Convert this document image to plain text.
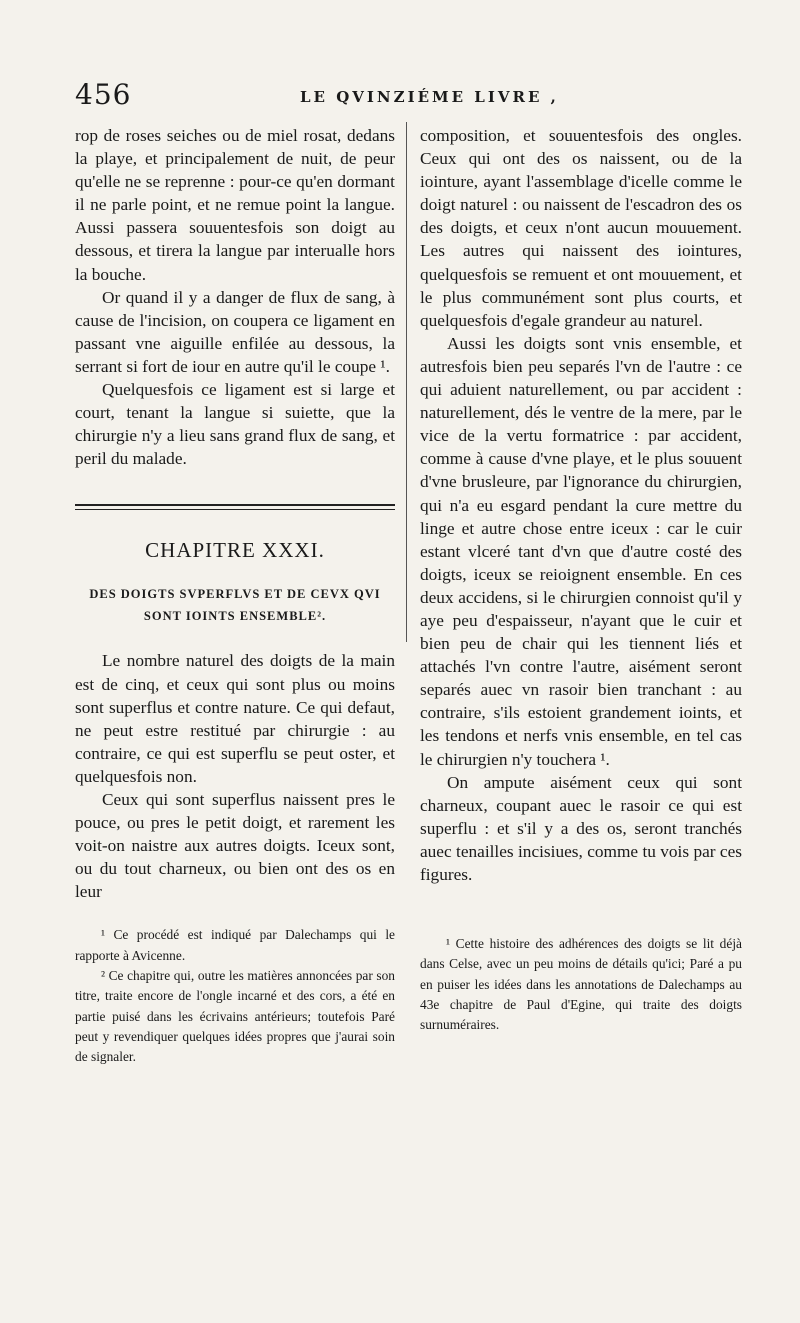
456	LE QVINZIÉME LIVRE ,

rop de roses seiches ou de miel rosat, dedans la playe, et principalement de nuit, de peur qu'elle ne se reprenne : pour-ce qu'en dormant il ne parle point, et ne remue point la langue. Aussi passera souuentesfois son doigt au dessous, et tirera la langue par interualle hors la bouche.

Or quand il y a danger de flux de sang, à cause de l'incision, on coupera ce ligament en passant vne aiguille enfilée au dessous, la serrant si fort de iour en autre qu'il le coupe ¹.

Quelquesfois ce ligament est si large et court, tenant la langue si suiette, que la chirurgie n'y a lieu sans grand flux de sang, et peril du malade.

CHAPITRE XXXI.
DES DOIGTS SVPERFLVS ET DE CEVX QVI
SONT IOINTS ENSEMBLE².

Le nombre naturel des doigts de la main est de cinq, et ceux qui sont plus ou moins sont superflus et contre nature. Ce qui defaut, ne peut estre restitué par chirurgie : au contraire, ce qui est superflu se peut oster, et quelquesfois non.

Ceux qui sont superflus naissent pres le pouce, ou pres le petit doigt, et rarement les voit-on naistre aux autres doigts. Iceux sont, ou du tout charneux, ou bien ont des os en leur

¹ Ce procédé est indiqué par Dalechamps qui le rapporte à Avicenne.

² Ce chapitre qui, outre les matières annoncées par son titre, traite encore de l'ongle incarné et des cors, a été en partie puisé dans les écrivains antérieurs; toutefois Paré peut y revendiquer quelques idées propres que j'aurai soin de signaler.

composition, et souuentesfois des ongles. Ceux qui ont des os naissent, ou de la iointure, ayant l'assemblage d'icelle comme le doigt naturel : ou naissent de l'escadron des os des doigts, et ceux n'ont aucun mouuement. Les autres qui naissent des iointures, quelquesfois se remuent et ont mouuement, et le plus communément sont plus courts, et quelquesfois d'egale grandeur au naturel.

Aussi les doigts sont vnis ensemble, et autresfois bien peu separés l'vn de l'autre : ce qui aduient naturellement, ou par accident : naturellement, dés le ventre de la mere, par le vice de la vertu formatrice : par accident, comme à cause d'vne playe, et le plus souuent d'vne brusleure, par l'ignorance du chirurgien, qui n'a eu esgard pendant la cure mettre du linge et autre chose entre iceux : car le cuir estant vlceré tant d'vn que d'autre costé des doigts, iceux se reioignent ensemble. En ces deux accidens, si le chirurgien connoist qu'il y aye peu d'espaisseur, n'ayant que le cuir et bien peu de chair qui les tiennent liés et attachés l'vn contre l'autre, aisément seront separés auec vn rasoir bien tranchant : au contraire, s'ils estoient grandement ioints, et les tendons et nerfs vnis ensemble, en tel cas le chirurgien n'y touchera ¹.

On ampute aisément ceux qui sont charneux, coupant auec le rasoir ce qui est superflu : et s'il y a des os, seront tranchés auec tenailles incisiues, comme tu vois par ces figures.

¹ Cette histoire des adhérences des doigts se lit déjà dans Celse, avec un peu moins de détails qu'ici; Paré a pu en puiser les idées dans les annotations de Dalechamps au 43e chapitre de Paul d'Egine, qui traite des doigts surnuméraires.
